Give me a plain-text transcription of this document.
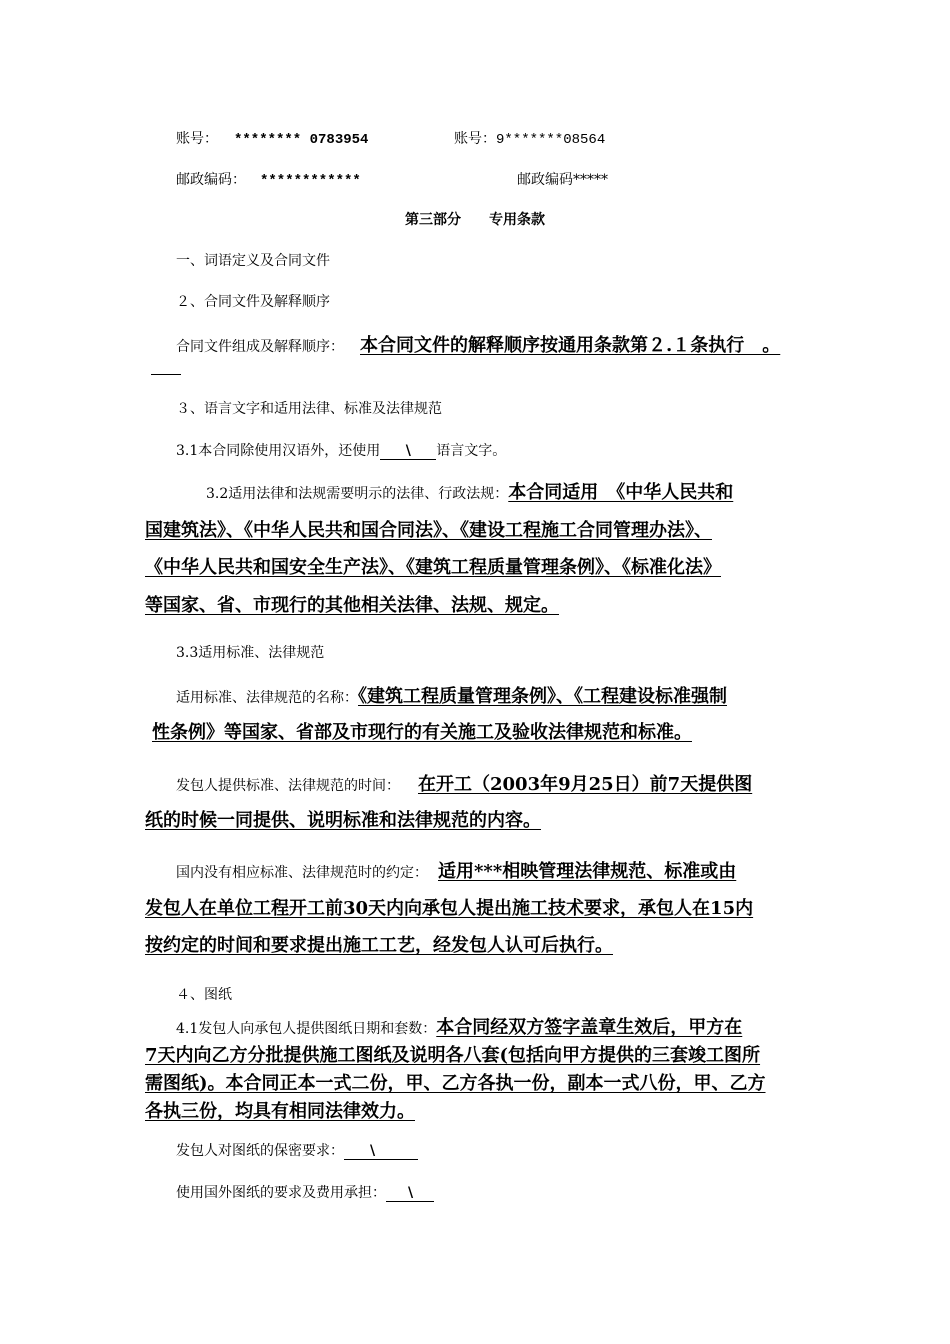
账号： ******** 0783954	账号：9*******08564
邮政编码： ************	邮政编码*****
第三部分　　专用条款
一、词语定义及合同文件
２、合同文件及解释顺序
合同文件组成及解释顺序： 本合同文件的解释顺序按通用条款第２.１条执行　。
３、语言文字和适用法律、标准及法律规范
3.1本合同除使用汉语外，还使用 \ 语言文字。
3.2适用法律和法规需要明示的法律、行政法规：本合同适用　《中华人民共和
国建筑法》、《中华人民共和国合同法》、《建设工程施工合同管理办法》、
《中华人民共和国安全生产法》、《建筑工程质量管理条例》、《标准化法》
等国家、省、市现行的其他相关法律、法规、规定。
3.3适用标准、法律规范
适用标准、法律规范的名称：《建筑工程质量管理条例》、《工程建设标准强制
性条例》等国家、省部及市现行的有关施工及验收法律规范和标准。
发包人提供标准、法律规范的时间： 在开工（2003年9月25日）前7天提供图
纸的时候一同提供、说明标准和法律规范的内容。
国内没有相应标准、法律规范时的约定： 适用***相映管理法律规范、标准或由
发包人在单位工程开工前30天内向承包人提出施工技术要求，承包人在15内
按约定的时间和要求提出施工工艺，经发包人认可后执行。
４、图纸
4.1发包人向承包人提供图纸日期和套数：本合同经双方签字盖章生效后，甲方在
7天内向乙方分批提供施工图纸及说明各八套(包括向甲方提供的三套竣工图所
需图纸)。本合同正本一式二份，甲、乙方各执一份，副本一式八份，甲、乙方
各执三份，均具有相同法律效力。
发包人对图纸的保密要求： \
使用国外图纸的要求及费用承担： \
